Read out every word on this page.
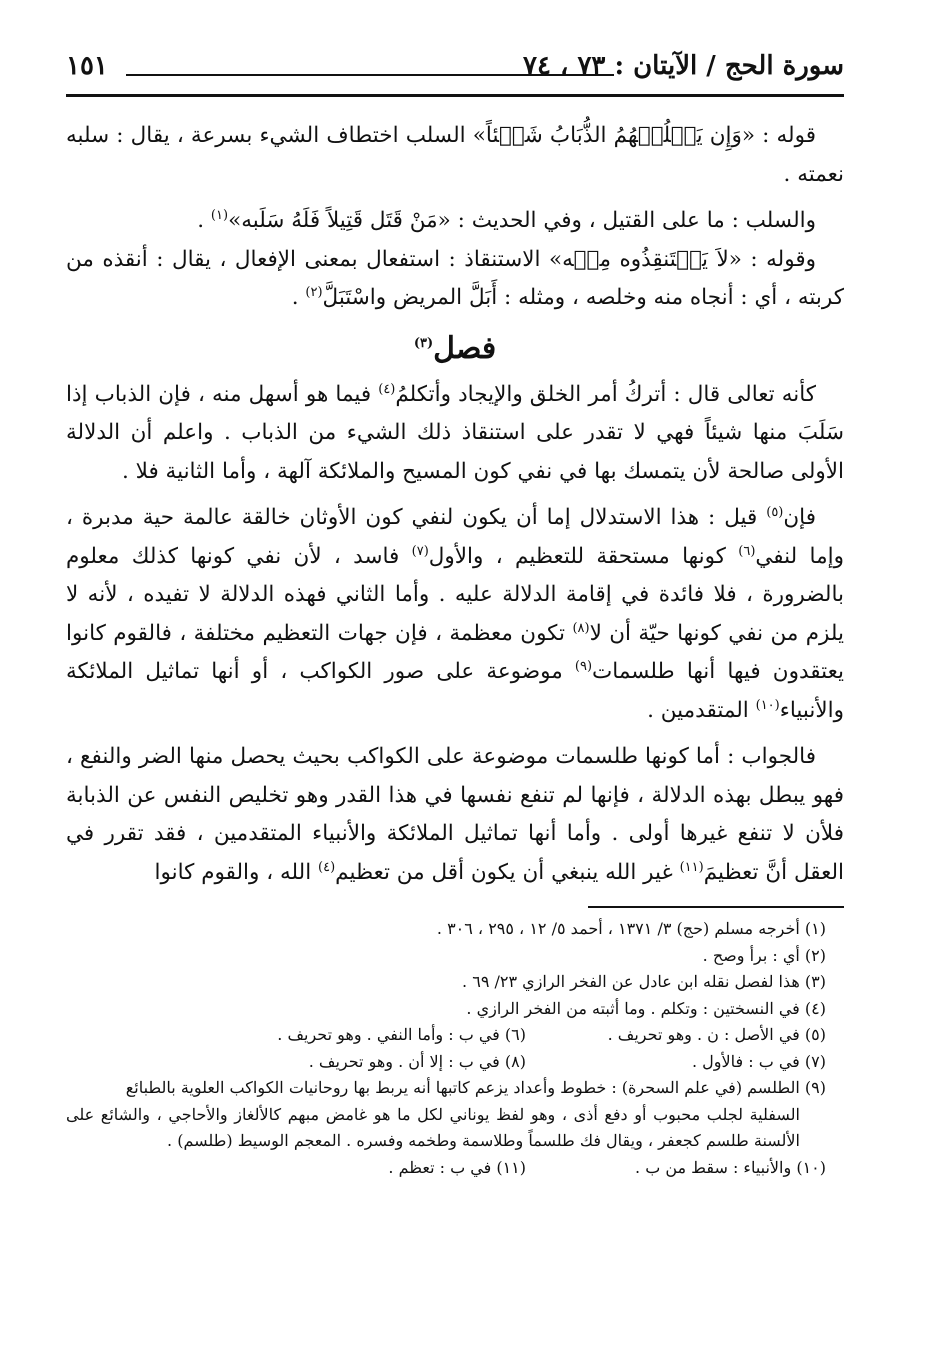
سورة الحج / الآيتان : ٧٣ ، ٧٤
١٥١

قوله : «وَإِن يَسۡلُبۡهُمُ الذُّبَابُ شَيۡئاً» السلب اختطاف الشيء بسرعة ، يقال : سلبه نعمته .

والسلب : ما على القتيل ، وفي الحديث : «مَنْ قَتَل قَتِيلاً فَلَهُ سَلَبه»$^{(١)}$ .

وقوله : «لاَ يَسۡتَنقِذُوه مِنۡه» الاستنقاذ : استفعال بمعنى الإفعال ، يقال : أنقذه من كربته ، أي : أنجاه منه وخلصه ، ومثله : أَبَلَّ المريض واسْتَبَلَّ$^{(٢)}$ .

فصل$^{(٣)}$

كأنه تعالى قال : أتركُ أمر الخلق والإيجاد وأتكلمُ$^{(٤)}$ فيما هو أسهل منه ، فإن الذباب إذا سَلَبَ منها شيئاً فهي لا تقدر على استنقاذ ذلك الشيء من الذباب . واعلم أن الدلالة الأولى صالحة لأن يتمسك بها في نفي كون المسيح والملائكة آلهة ، وأما الثانية فلا .

فإن$^{(٥)}$ قيل : هذا الاستدلال إما أن يكون لنفي كون الأوثان خالقة عالمة حية مدبرة ، وإما لنفي$^{(٦)}$ كونها مستحقة للتعظيم ، والأول$^{(٧)}$ فاسد ، لأن نفي كونها كذلك معلوم بالضرورة ، فلا فائدة في إقامة الدلالة عليه . وأما الثاني فهذه الدلالة لا تفيده ، لأنه لا يلزم من نفي كونها حيّة أن لا$^{(٨)}$ تكون معظمة ، فإن جهات التعظيم مختلفة ، فالقوم كانوا يعتقدون فيها أنها طلسمات$^{(٩)}$ موضوعة على صور الكواكب ، أو أنها تماثيل الملائكة والأنبياء$^{(١٠)}$ المتقدمين .

فالجواب : أما كونها طلسمات موضوعة على الكواكب بحيث يحصل منها الضر والنفع ، فهو يبطل بهذه الدلالة ، فإنها لم تنفع نفسها في هذا القدر وهو تخليص النفس عن الذبابة فلأن لا تنفع غيرها أولى . وأما أنها تماثيل الملائكة والأنبياء المتقدمين ، فقد تقرر في العقل أنَّ تعظيمَ$^{(١١)}$ غير الله ينبغي أن يكون أقل من تعظيم$^{(٤)}$ الله ، والقوم كانوا

(١) أخرجه مسلم (حج) ٣/ ١٣٧١ ، أحمد ٥/ ١٢ ، ٢٩٥ ، ٣٠٦ .
(٢) أي : برأ وصح .
(٣) هذا لفصل نقله ابن عادل عن الفخر الرازي ٢٣/ ٦٩ .
(٤) في النسختين : وتكلم . وما أثبته من الفخر الرازي .
(٥) في الأصل : ن . وهو تحريف .
(٦) في ب : وأما النفي . وهو تحريف .
(٧) في ب : فالأول .
(٨) في ب : إلا أن . وهو تحريف .
(٩) الطلسم (في علم السحرة) : خطوط وأعداد يزعم كاتبها أنه يربط بها روحانيات الكواكب العلوية بالطبائع
السفلية لجلب محبوب أو دفع أذى ، وهو لفظ يوناني لكل ما هو غامض مبهم كالألغاز والأحاجي ، والشائع على الألسنة طلسم كجعفر ، ويقال فك طلسماً وطلاسمة وطخمه وفسره . المعجم الوسيط (طلسم) .
(١٠) والأنبياء : سقط من ب .
(١١) في ب : تعظم .
